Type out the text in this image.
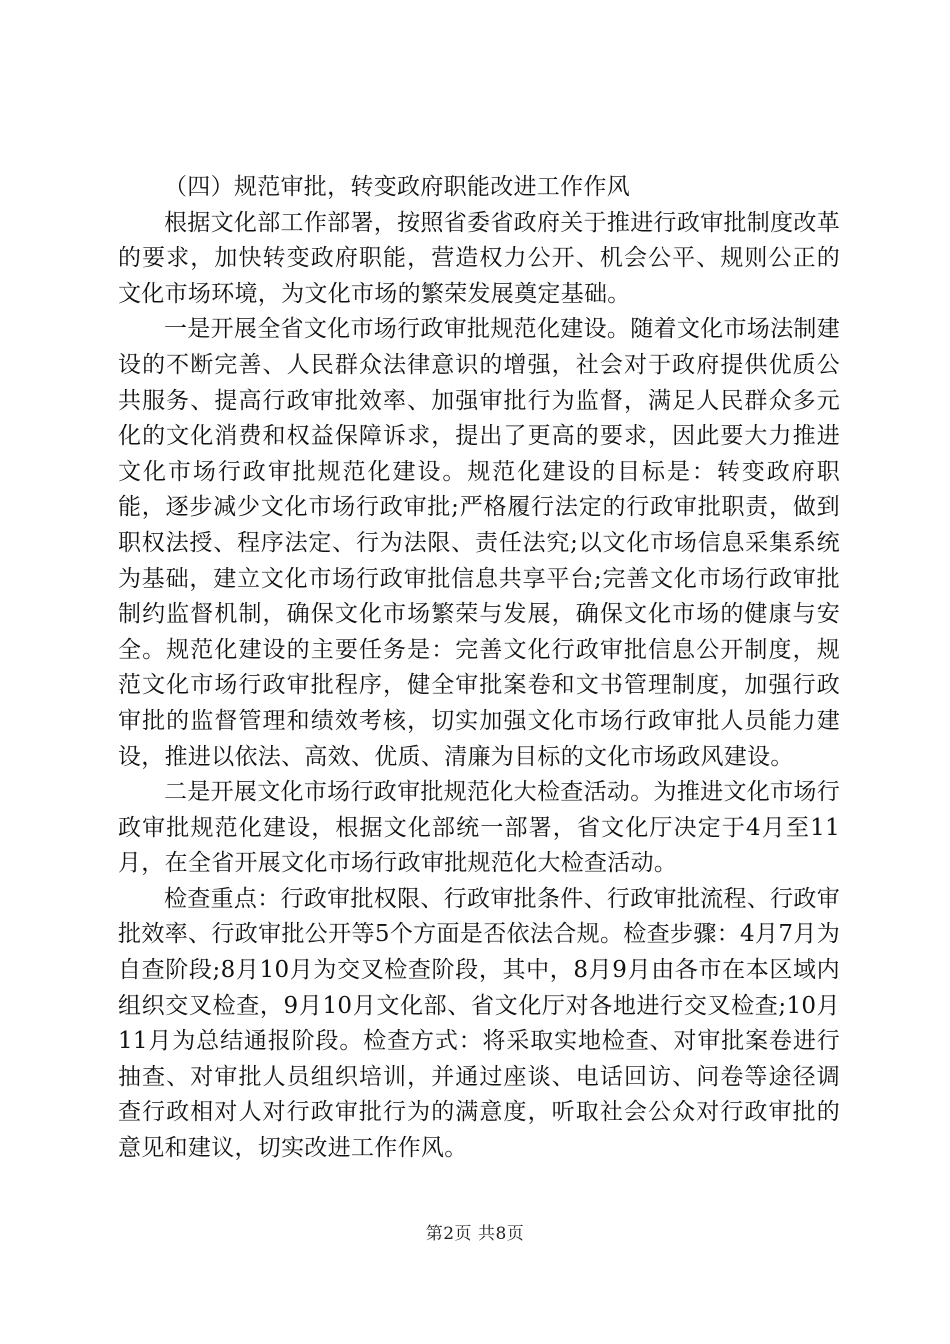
（四）规范审批，转变政府职能改进工作作风

根据文化部工作部署，按照省委省政府关于推进行政审批制度改革的要求，加快转变政府职能，营造权力公开、机会公平、规则公正的文化市场环境，为文化市场的繁荣发展奠定基础。

一是开展全省文化市场行政审批规范化建设。随着文化市场法制建设的不断完善、人民群众法律意识的增强，社会对于政府提供优质公共服务、提高行政审批效率、加强审批行为监督，满足人民群众多元化的文化消费和权益保障诉求，提出了更高的要求，因此要大力推进文化市场行政审批规范化建设。规范化建设的目标是：转变政府职能，逐步减少文化市场行政审批;严格履行法定的行政审批职责，做到职权法授、程序法定、行为法限、责任法究;以文化市场信息采集系统为基础，建立文化市场行政审批信息共享平台;完善文化市场行政审批制约监督机制，确保文化市场繁荣与发展，确保文化市场的健康与安全。规范化建设的主要任务是：完善文化行政审批信息公开制度，规范文化市场行政审批程序，健全审批案卷和文书管理制度，加强行政审批的监督管理和绩效考核，切实加强文化市场行政审批人员能力建设，推进以依法、高效、优质、清廉为目标的文化市场政风建设。

二是开展文化市场行政审批规范化大检查活动。为推进文化市场行政审批规范化建设，根据文化部统一部署，省文化厅决定于4月至11月，在全省开展文化市场行政审批规范化大检查活动。

检查重点：行政审批权限、行政审批条件、行政审批流程、行政审批效率、行政审批公开等5个方面是否依法合规。检查步骤：4月7月为自查阶段;8月10月为交叉检查阶段，其中，8月9月由各市在本区域内组织交叉检查，9月10月文化部、省文化厅对各地进行交叉检查;10月11月为总结通报阶段。检查方式：将采取实地检查、对审批案卷进行抽查、对审批人员组织培训，并通过座谈、电话回访、问卷等途径调查行政相对人对行政审批行为的满意度，听取社会公众对行政审批的意见和建议，切实改进工作作风。

第2页 共8页
